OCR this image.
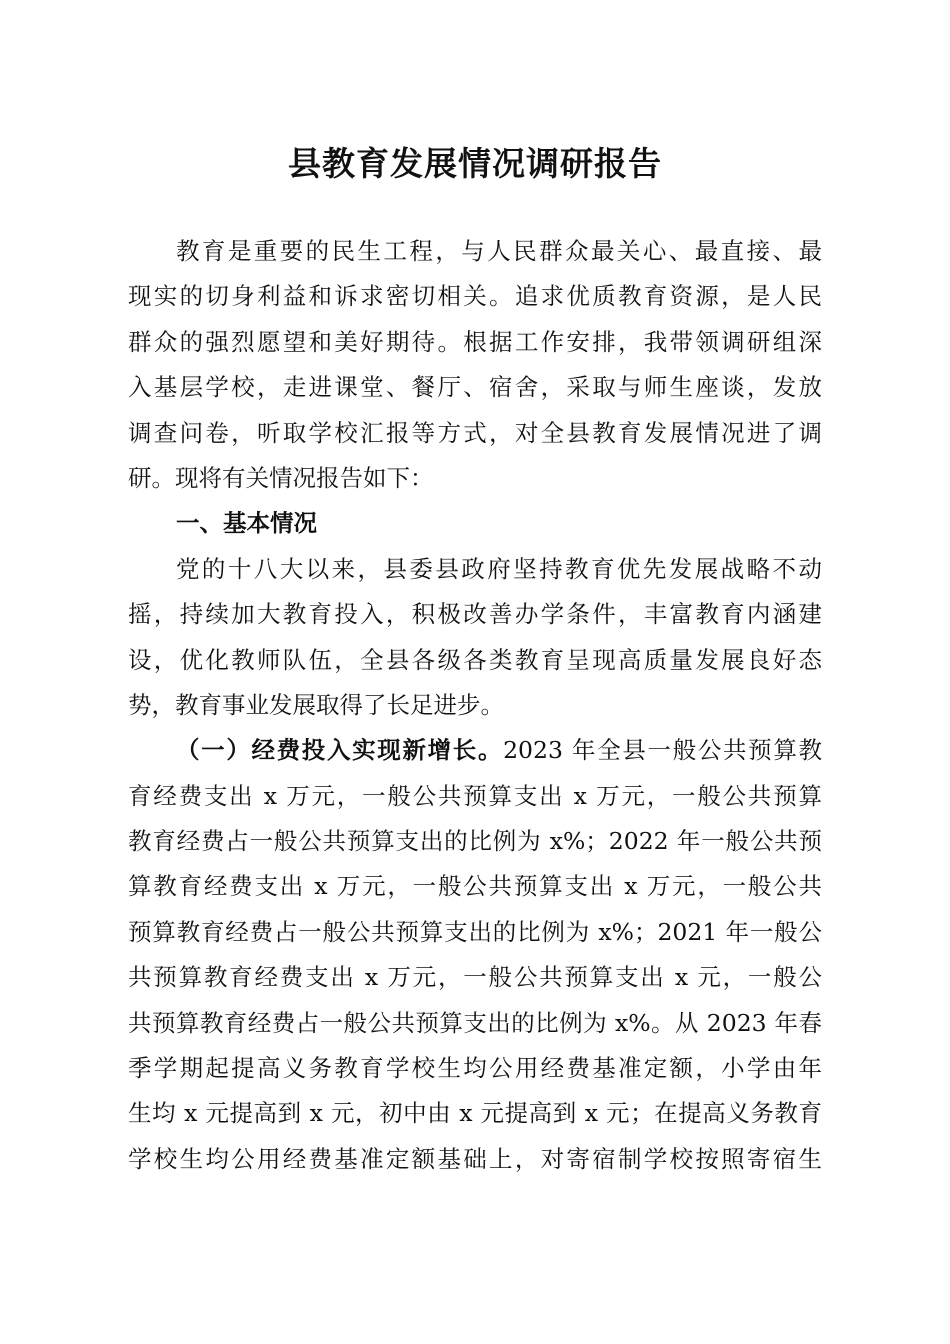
县教育发展情况调研报告
教育是重要的民生工程，与人民群众最关心、最直接、最
现实的切身利益和诉求密切相关。追求优质教育资源，是人民
群众的强烈愿望和美好期待。根据工作安排，我带领调研组深
入基层学校，走进课堂、餐厅、宿舍，采取与师生座谈，发放
调查问卷，听取学校汇报等方式，对全县教育发展情况进了调
研。现将有关情况报告如下：
一、基本情况
党的十八大以来，县委县政府坚持教育优先发展战略不动
摇，持续加大教育投入，积极改善办学条件，丰富教育内涵建
设，优化教师队伍，全县各级各类教育呈现高质量发展良好态
势，教育事业发展取得了长足进步。
（一）经费投入实现新增长。2023 年全县一般公共预算教
育经费支出 x 万元，一般公共预算支出 x 万元，一般公共预算
教育经费占一般公共预算支出的比例为 x%；2022 年一般公共预
算教育经费支出 x 万元，一般公共预算支出 x 万元，一般公共
预算教育经费占一般公共预算支出的比例为 x%；2021 年一般公
共预算教育经费支出 x 万元，一般公共预算支出 x 元，一般公
共预算教育经费占一般公共预算支出的比例为 x%。从 2023 年春
季学期起提高义务教育学校生均公用经费基准定额，小学由年
生均 x 元提高到 x 元，初中由 x 元提高到 x 元；在提高义务教育
学校生均公用经费基准定额基础上，对寄宿制学校按照寄宿生
